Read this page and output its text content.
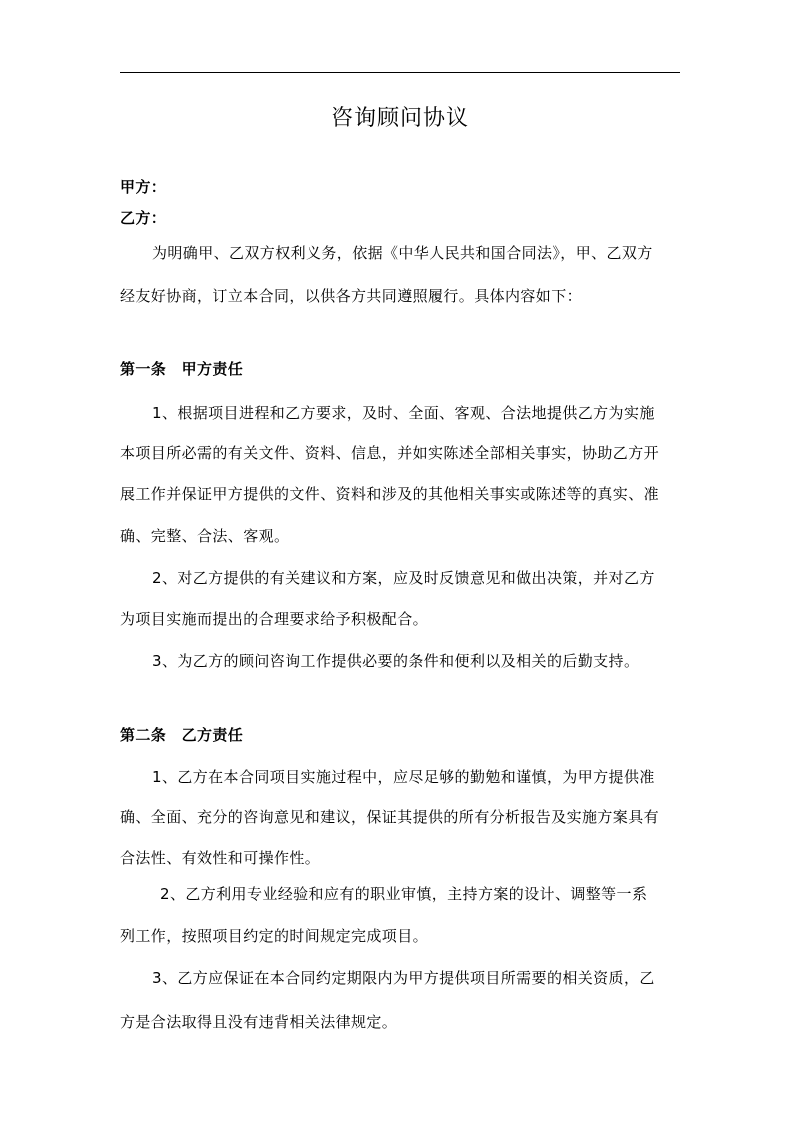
咨询顾问协议
甲方：
乙方：
为明确甲、乙双方权利义务，依据《中华人民共和国合同法》，甲、乙双方
经友好协商，订立本合同，以供各方共同遵照履行。具体内容如下：
第一条　甲方责任
1、根据项目进程和乙方要求，及时、全面、客观、合法地提供乙方为实施
本项目所必需的有关文件、资料、信息，并如实陈述全部相关事实，协助乙方开
展工作并保证甲方提供的文件、资料和涉及的其他相关事实或陈述等的真实、准
确、完整、合法、客观。
2、对乙方提供的有关建议和方案，应及时反馈意见和做出决策，并对乙方
为项目实施而提出的合理要求给予积极配合。
3、为乙方的顾问咨询工作提供必要的条件和便利以及相关的后勤支持。
第二条　乙方责任
1、乙方在本合同项目实施过程中，应尽足够的勤勉和谨慎，为甲方提供准
确、全面、充分的咨询意见和建议，保证其提供的所有分析报告及实施方案具有
合法性、有效性和可操作性。
2、乙方利用专业经验和应有的职业审慎，主持方案的设计、调整等一系
列工作，按照项目约定的时间规定完成项目。
3、乙方应保证在本合同约定期限内为甲方提供项目所需要的相关资质，乙
方是合法取得且没有违背相关法律规定。
